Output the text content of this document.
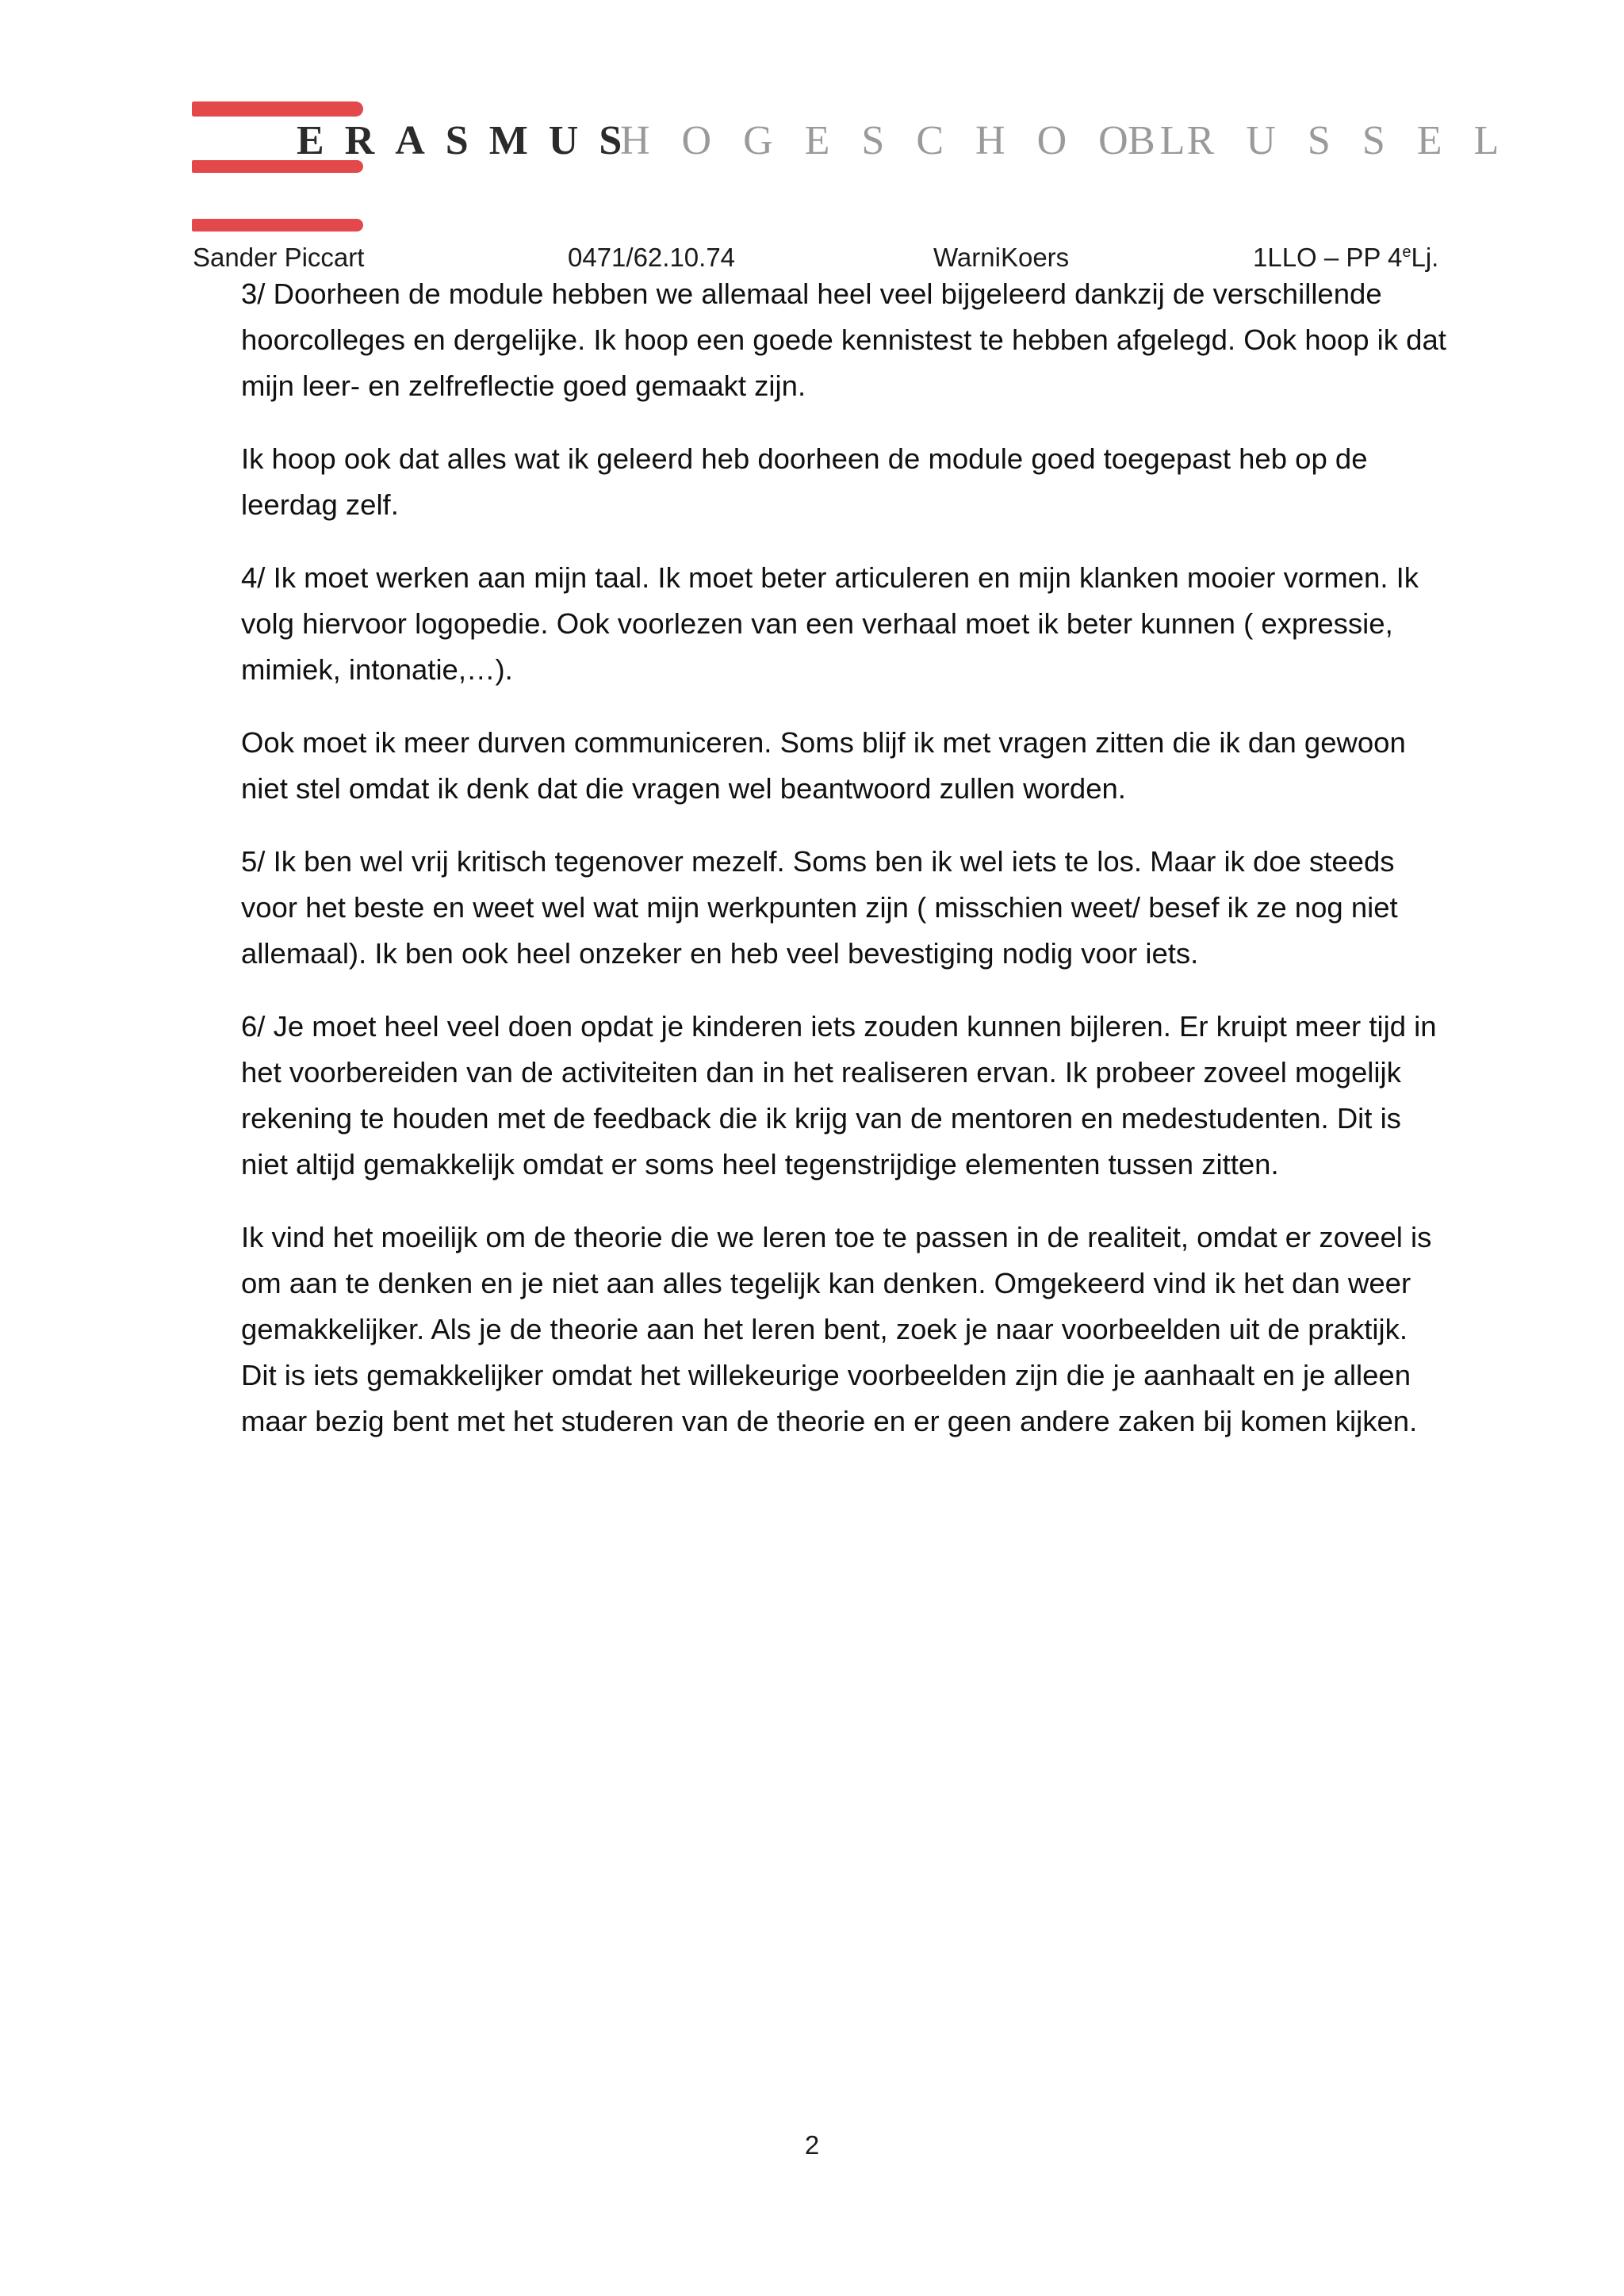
ERASMUS
HOGESCHOOL
BRUSSEL
Sander Piccart	0471/62.10.74	WarniKoers	1LLO – PP 4eLj.

3/ Doorheen de module hebben we allemaal heel veel bijgeleerd dankzij de verschillende hoorcolleges en dergelijke. Ik hoop een goede kennistest te hebben afgelegd. Ook hoop ik dat mijn leer- en zelfreflectie goed gemaakt zijn.

Ik hoop ook dat alles wat ik geleerd heb doorheen de module goed toegepast heb op de leerdag zelf.

4/ Ik moet werken aan mijn taal. Ik moet beter articuleren en mijn klanken mooier vormen. Ik volg hiervoor logopedie. Ook voorlezen van een verhaal moet ik beter kunnen ( expressie, mimiek, intonatie,…).

Ook moet ik meer durven communiceren. Soms blijf ik met vragen zitten die ik dan gewoon niet stel omdat ik denk dat die vragen wel beantwoord zullen worden.

5/ Ik ben wel vrij kritisch tegenover mezelf. Soms ben ik wel iets te los. Maar ik doe steeds voor het beste en weet wel wat mijn werkpunten zijn ( misschien weet/ besef ik ze nog niet allemaal). Ik ben ook heel onzeker en heb veel bevestiging nodig voor iets.

6/ Je moet heel veel doen opdat je kinderen iets zouden kunnen bijleren. Er kruipt meer tijd in het voorbereiden van de activiteiten dan in het realiseren ervan. Ik probeer zoveel mogelijk rekening te houden met de feedback die ik krijg van de mentoren en medestudenten. Dit is niet altijd gemakkelijk omdat er soms heel tegenstrijdige elementen tussen zitten.

Ik vind het moeilijk om de theorie die we leren toe te passen in de realiteit, omdat er zoveel is om aan te denken en je niet aan alles tegelijk kan denken. Omgekeerd vind ik het dan weer gemakkelijker. Als je de theorie aan het leren bent, zoek je naar voorbeelden uit de praktijk. Dit is iets gemakkelijker omdat het willekeurige voorbeelden zijn die je aanhaalt en je alleen maar bezig bent met het studeren van de theorie en er geen andere zaken bij komen kijken.

2
